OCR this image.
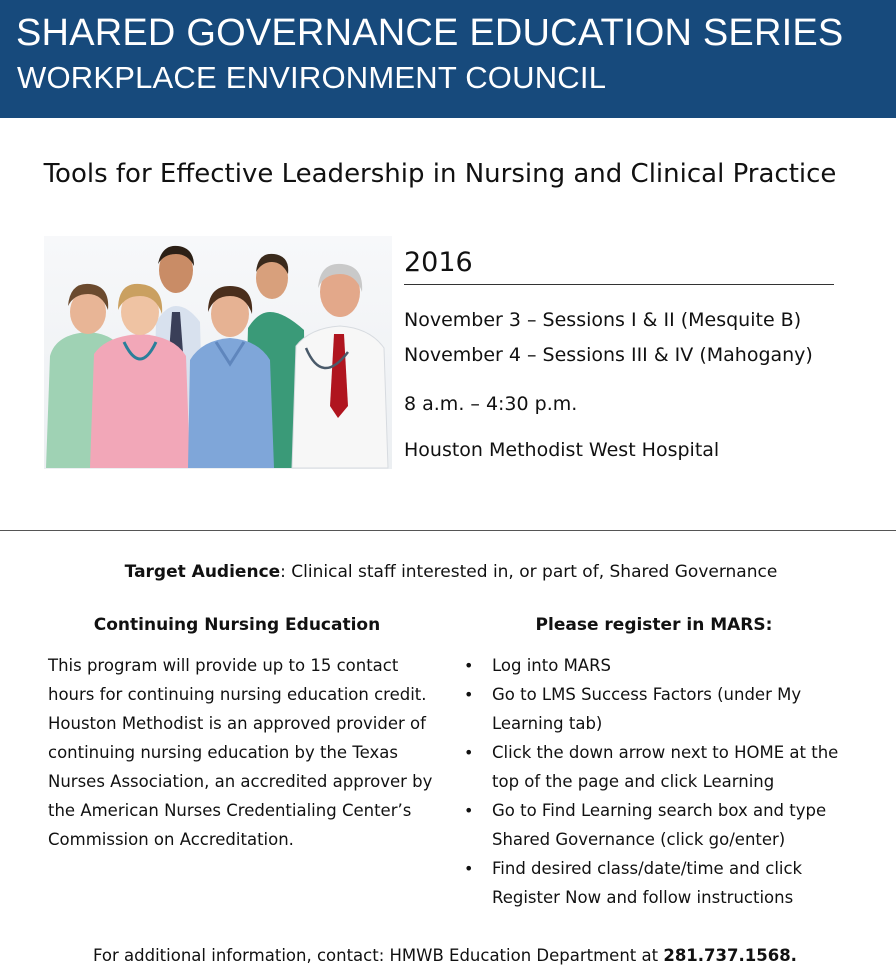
SHARED GOVERNANCE EDUCATION SERIES
WORKPLACE ENVIRONMENT COUNCIL
Tools for Effective Leadership in Nursing and Clinical Practice
2016
November 3 – Sessions I & II (Mesquite B)
November 4 – Sessions III & IV (Mahogany)
8 a.m. – 4:30 p.m.
Houston Methodist West Hospital
Target Audience: Clinical staff interested in, or part of, Shared Governance
Continuing Nursing Education	Please register in MARS:
This program will provide up to 15 contact
hours for continuing nursing education credit.
Houston Methodist is an approved provider of
continuing nursing education by the Texas
Nurses Association, an accredited approver by
the American Nurses Credentialing Center’s
Commission on Accreditation.
• Log into MARS
• Go to LMS Success Factors (under My
Learning tab)
• Click the down arrow next to HOME at the
top of the page and click Learning
• Go to Find Learning search box and type
Shared Governance (click go/enter)
• Find desired class/date/time and click
Register Now and follow instructions
For additional information, contact: HMWB Education Department at 281.737.1568.
